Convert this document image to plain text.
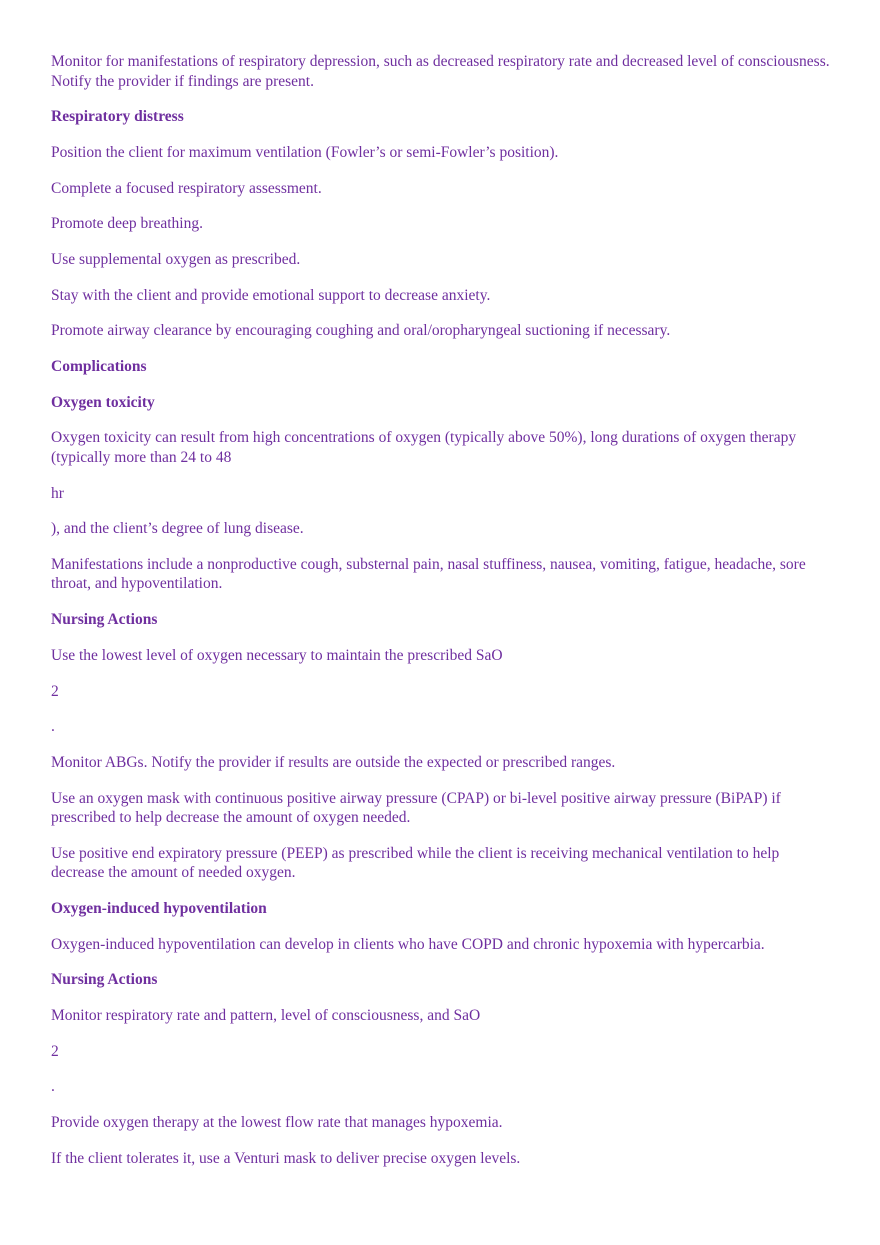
Monitor for manifestations of respiratory depression, such as decreased respiratory rate and decreased level of consciousness. Notify the provider if findings are present.

Respiratory distress

Position the client for maximum ventilation (Fowler’s or semi-Fowler’s position).

Complete a focused respiratory assessment.

Promote deep breathing.

Use supplemental oxygen as prescribed.

Stay with the client and provide emotional support to decrease anxiety.

Promote airway clearance by encouraging coughing and oral/oropharyngeal suctioning if necessary.

Complications

Oxygen toxicity

Oxygen toxicity can result from high concentrations of oxygen (typically above 50%), long durations of oxygen therapy (typically more than 24 to 48

hr

), and the client’s degree of lung disease.

Manifestations include a nonproductive cough, substernal pain, nasal stuffiness, nausea, vomiting, fatigue, headache, sore throat, and hypoventilation.

Nursing Actions

Use the lowest level of oxygen necessary to maintain the prescribed SaO

2

.

Monitor ABGs. Notify the provider if results are outside the expected or prescribed ranges.

Use an oxygen mask with continuous positive airway pressure (CPAP) or bi-level positive airway pressure (BiPAP) if prescribed to help decrease the amount of oxygen needed.

Use positive end expiratory pressure (PEEP) as prescribed while the client is receiving mechanical ventilation to help decrease the amount of needed oxygen.

Oxygen-induced hypoventilation

Oxygen-induced hypoventilation can develop in clients who have COPD and chronic hypoxemia with hypercarbia.

Nursing Actions

Monitor respiratory rate and pattern, level of consciousness, and SaO

2

.

Provide oxygen therapy at the lowest flow rate that manages hypoxemia.

If the client tolerates it, use a Venturi mask to deliver precise oxygen levels.
